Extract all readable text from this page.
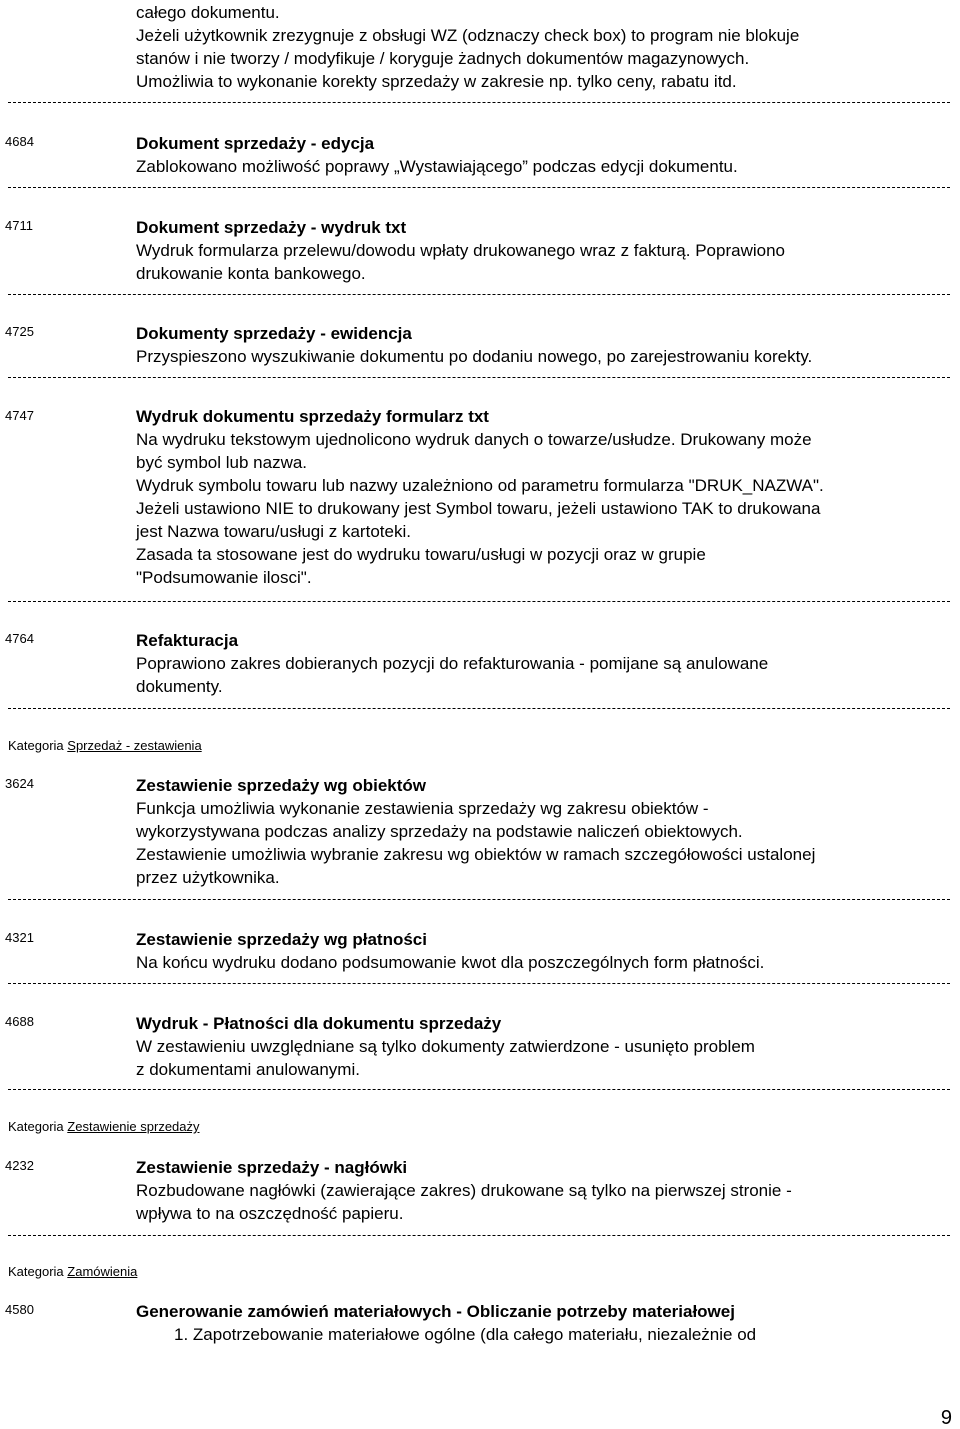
całego dokumentu.
Jeżeli użytkownik zrezygnuje z obsługi WZ (odznaczy check box) to program nie blokuje
stanów i nie tworzy / modyfikuje / koryguje żadnych dokumentów magazynowych.
Umożliwia to wykonanie korekty sprzedaży w zakresie np. tylko ceny, rabatu itd.
4684	Dokument sprzedaży - edycja
Zablokowano możliwość poprawy „Wystawiającego” podczas edycji dokumentu.
4711	Dokument sprzedaży - wydruk txt
Wydruk formularza przelewu/dowodu wpłaty drukowanego wraz z fakturą. Poprawiono
drukowanie konta bankowego.
4725	Dokumenty sprzedaży - ewidencja
Przyspieszono wyszukiwanie dokumentu po dodaniu nowego, po zarejestrowaniu korekty.
4747	Wydruk dokumentu sprzedaży formularz txt
Na wydruku tekstowym ujednolicono wydruk danych o towarze/usłudze. Drukowany może
być symbol lub nazwa.
Wydruk symbolu towaru lub nazwy uzależniono od parametru formularza "DRUK_NAZWA".
Jeżeli ustawiono NIE to drukowany jest Symbol towaru, jeżeli ustawiono TAK to drukowana
jest Nazwa towaru/usługi z kartoteki.
Zasada ta stosowane jest do wydruku towaru/usługi w pozycji oraz w grupie
"Podsumowanie ilosci".
4764	Refakturacja
Poprawiono zakres dobieranych pozycji do refakturowania - pomijane są anulowane
dokumenty.
Kategoria Sprzedaż - zestawienia
3624	Zestawienie sprzedaży wg obiektów
Funkcja umożliwia wykonanie zestawienia sprzedaży wg zakresu obiektów -
wykorzystywana podczas analizy sprzedaży na podstawie naliczeń obiektowych.
Zestawienie umożliwia wybranie zakresu wg obiektów w ramach szczegółowości ustalonej
przez użytkownika.
4321	Zestawienie sprzedaży wg płatności
Na końcu wydruku dodano podsumowanie kwot dla poszczególnych form płatności.
4688	Wydruk - Płatności dla dokumentu sprzedaży
W zestawieniu uwzględniane są tylko dokumenty zatwierdzone - usunięto problem
z dokumentami anulowanymi.
Kategoria Zestawienie sprzedaży
4232	Zestawienie sprzedaży - nagłówki
Rozbudowane nagłówki (zawierające zakres) drukowane są tylko na pierwszej stronie -
wpływa to na oszczędność papieru.
Kategoria Zamówienia
4580	Generowanie zamówień materiałowych - Obliczanie potrzeby materiałowej
1. Zapotrzebowanie materiałowe ogólne (dla całego materiału, niezależnie od
9
